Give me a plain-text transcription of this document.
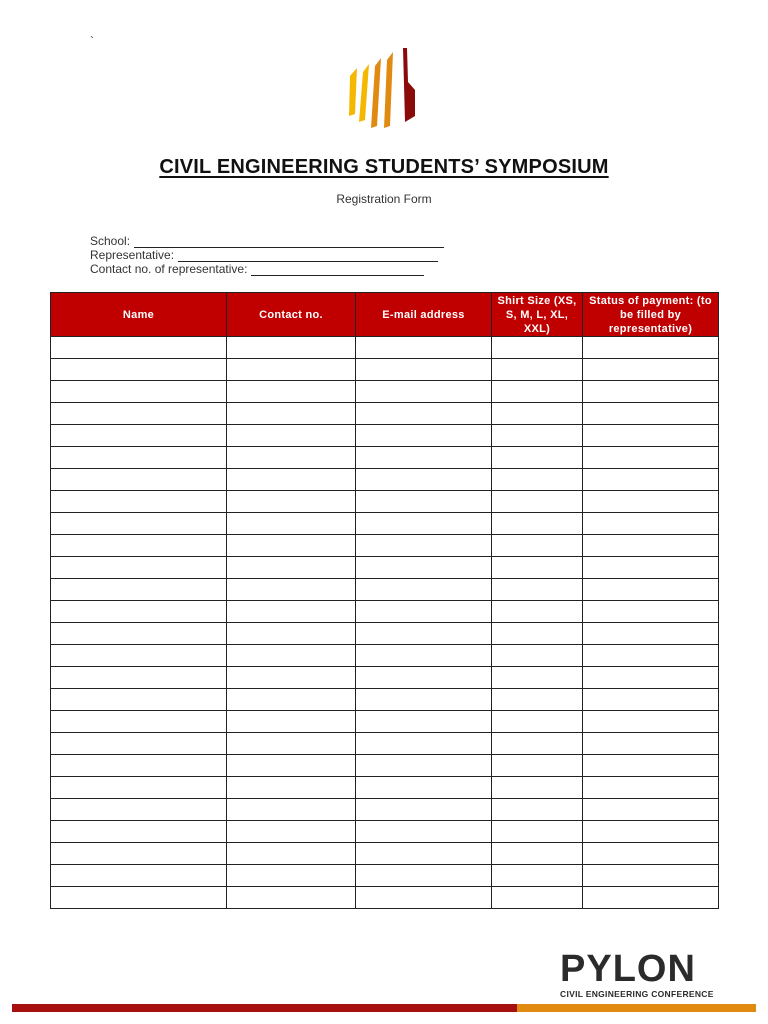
`
CIVIL ENGINEERING STUDENTS’ SYMPOSIUM
Registration Form
School:
Representative:
Contact no. of representative:
Name	Contact no.	E-mail address	Shirt Size (XS, S, M, L, XL, XXL)	Status of payment: (to be filled by representative)

PYLON
CIVIL ENGINEERING CONFERENCE
